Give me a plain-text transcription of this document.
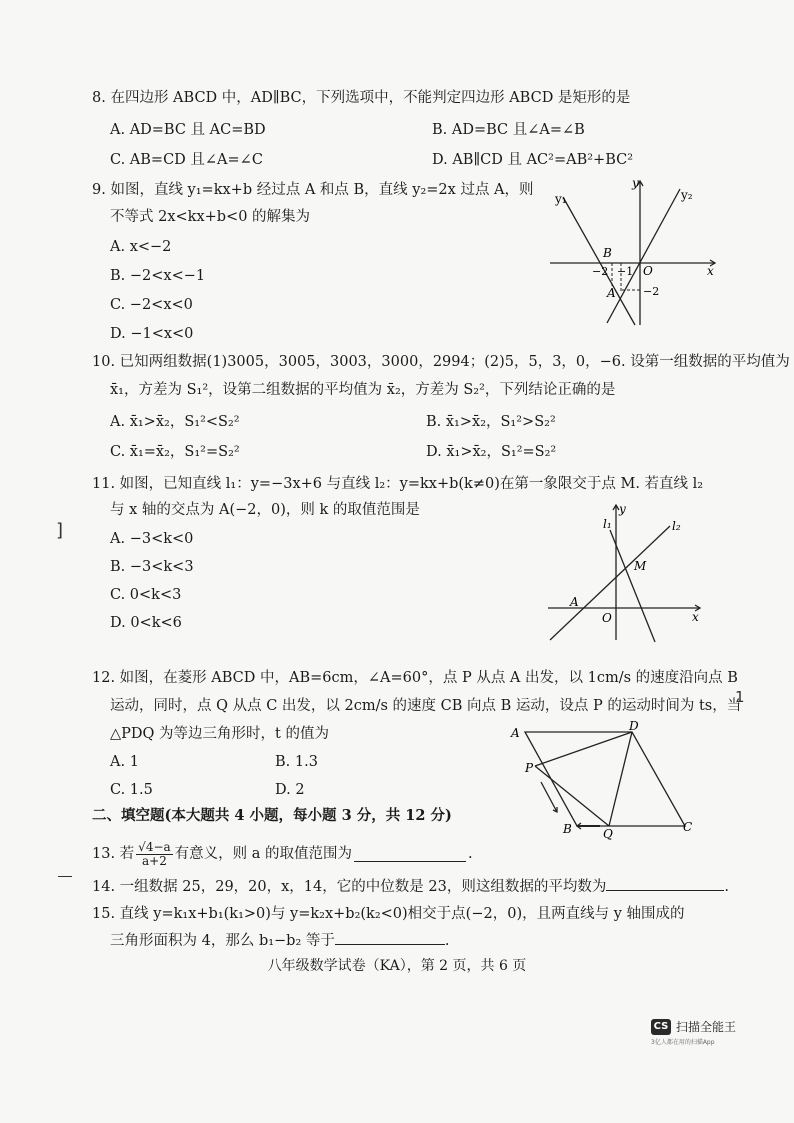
8. 在四边形 ABCD 中，AD∥BC，下列选项中，不能判定四边形 ABCD 是矩形的是
A. AD=BC 且 AC=BD	B. AD=BC 且∠A=∠B
C. AB=CD 且∠A=∠C	D. AB∥CD 且 AC²=AB²+BC²
9. 如图，直线 y₁=kx+b 经过点 A 和点 B，直线 y₂=2x 过点 A，则
不等式 2x<kx+b<0 的解集为
A. x<−2
B. −2<x<−1
C. −2<x<0
D. −1<x<0
y₁	y₂
y
x
O
B
A
−2 −1
−2
10. 已知两组数据(1)3005，3005，3003，3000，2994；(2)5，5，3，0，−6. 设第一组数据的平均值为
x̄₁，方差为 S₁²，设第二组数据的平均值为 x̄₂，方差为 S₂²，下列结论正确的是
A. x̄₁>x̄₂，S₁²<S₂²	B. x̄₁>x̄₂，S₁²>S₂²
C. x̄₁=x̄₂，S₁²=S₂²	D. x̄₁>x̄₂，S₁²=S₂²
11. 如图，已知直线 l₁：y=−3x+6 与直线 l₂：y=kx+b(k≠0)在第一象限交于点 M. 若直线 l₂
与 x 轴的交点为 A(−2，0)，则 k 的取值范围是
A. −3<k<0
B. −3<k<3
C. 0<k<3
D. 0<k<6
y
x
O
A
M
l₁	l₂
12. 如图，在菱形 ABCD 中，AB=6cm，∠A=60°，点 P 从点 A 出发，以 1cm/s 的速度沿向点 B
运动，同时，点 Q 从点 C 出发，以 2cm/s 的速度 CB 向点 B 运动，设点 P 的运动时间为 ts，当
△PDQ 为等边三角形时，t 的值为
A. 1	B. 1.3
C. 1.5	D. 2
A	D
P
B	Q	C
二、填空题(本大题共 4 小题，每小题 3 分，共 12 分)
13. 若 $\frac{√4-a}{a+2}$ 有意义，则 a 的取值范围为	.
14. 一组数据 25，29，20，x，14，它的中位数是 23，则这组数据的平均数为	.
15. 直线 y=k₁x+b₁(k₁>0)与 y=k₂x+b₂(k₂<0)相交于点(−2，0)，且两直线与 y 轴围成的
三角形面积为 4，那么 b₁−b₂ 等于	.
八年级数学试卷（KA），第 2 页，共 6 页
CS 扫描全能王
3亿人都在用的扫描App
1
]
